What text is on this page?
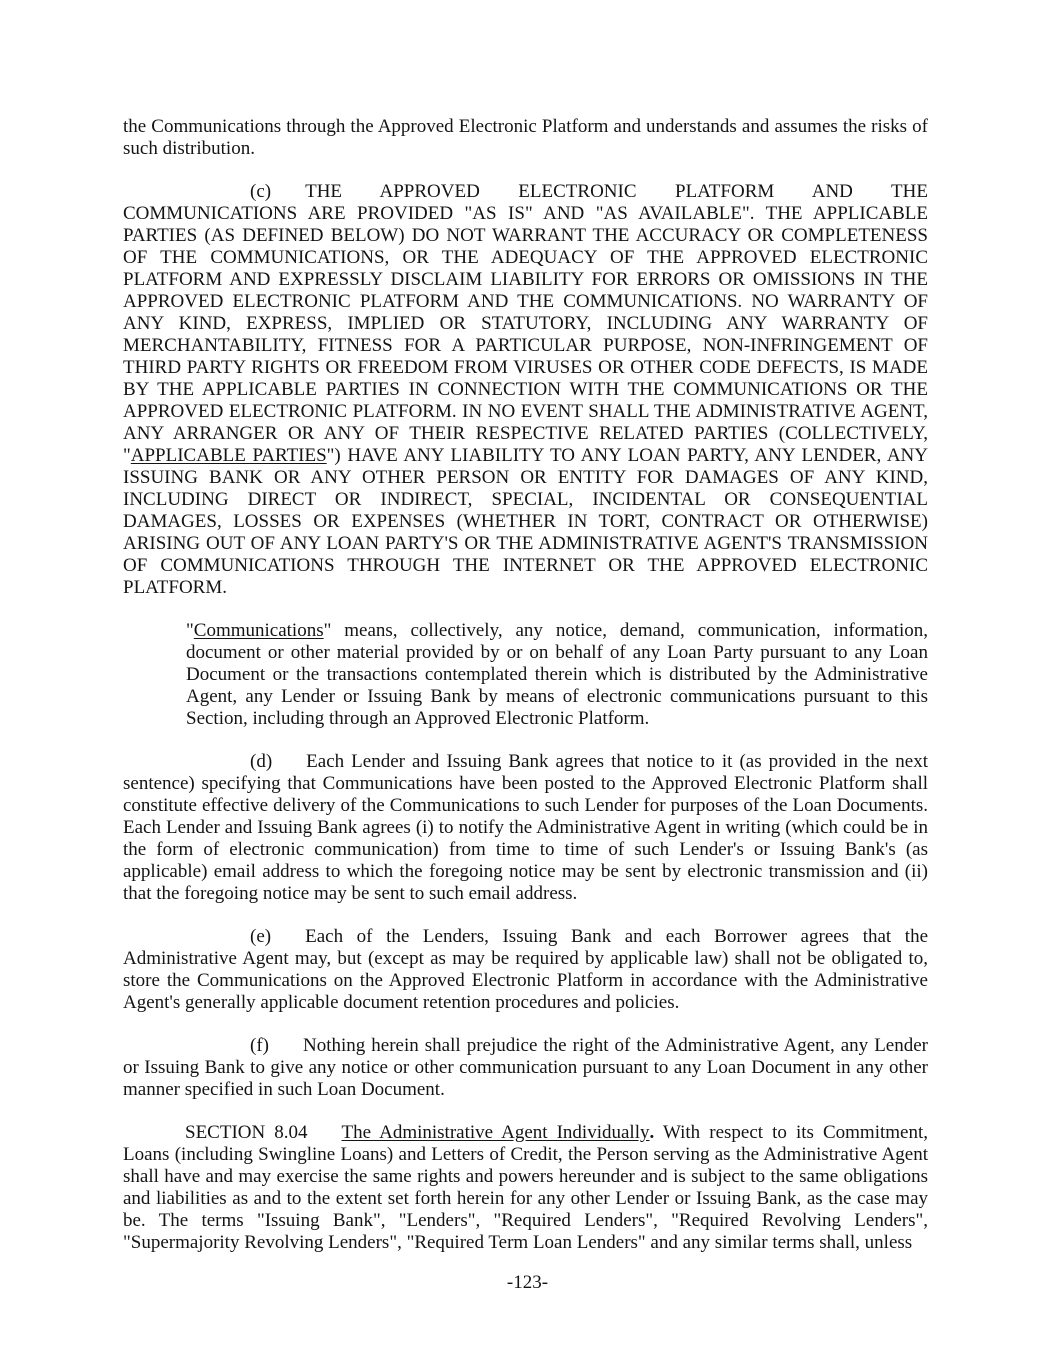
the Communications through the Approved Electronic Platform and understands and assumes the risks of such distribution.

(c) THE APPROVED ELECTRONIC PLATFORM AND THE COMMUNICATIONS ARE PROVIDED "AS IS" AND "AS AVAILABLE". THE APPLICABLE PARTIES (AS DEFINED BELOW) DO NOT WARRANT THE ACCURACY OR COMPLETENESS OF THE COMMUNICATIONS, OR THE ADEQUACY OF THE APPROVED ELECTRONIC PLATFORM AND EXPRESSLY DISCLAIM LIABILITY FOR ERRORS OR OMISSIONS IN THE APPROVED ELECTRONIC PLATFORM AND THE COMMUNICATIONS. NO WARRANTY OF ANY KIND, EXPRESS, IMPLIED OR STATUTORY, INCLUDING ANY WARRANTY OF MERCHANTABILITY, FITNESS FOR A PARTICULAR PURPOSE, NON-INFRINGEMENT OF THIRD PARTY RIGHTS OR FREEDOM FROM VIRUSES OR OTHER CODE DEFECTS, IS MADE BY THE APPLICABLE PARTIES IN CONNECTION WITH THE COMMUNICATIONS OR THE APPROVED ELECTRONIC PLATFORM. IN NO EVENT SHALL THE ADMINISTRATIVE AGENT, ANY ARRANGER OR ANY OF THEIR RESPECTIVE RELATED PARTIES (COLLECTIVELY, "APPLICABLE PARTIES") HAVE ANY LIABILITY TO ANY LOAN PARTY, ANY LENDER, ANY ISSUING BANK OR ANY OTHER PERSON OR ENTITY FOR DAMAGES OF ANY KIND, INCLUDING DIRECT OR INDIRECT, SPECIAL, INCIDENTAL OR CONSEQUENTIAL DAMAGES, LOSSES OR EXPENSES (WHETHER IN TORT, CONTRACT OR OTHERWISE) ARISING OUT OF ANY LOAN PARTY'S OR THE ADMINISTRATIVE AGENT'S TRANSMISSION OF COMMUNICATIONS THROUGH THE INTERNET OR THE APPROVED ELECTRONIC PLATFORM.

"Communications" means, collectively, any notice, demand, communication, information, document or other material provided by or on behalf of any Loan Party pursuant to any Loan Document or the transactions contemplated therein which is distributed by the Administrative Agent, any Lender or Issuing Bank by means of electronic communications pursuant to this Section, including through an Approved Electronic Platform.

(d) Each Lender and Issuing Bank agrees that notice to it (as provided in the next sentence) specifying that Communications have been posted to the Approved Electronic Platform shall constitute effective delivery of the Communications to such Lender for purposes of the Loan Documents. Each Lender and Issuing Bank agrees (i) to notify the Administrative Agent in writing (which could be in the form of electronic communication) from time to time of such Lender's or Issuing Bank's (as applicable) email address to which the foregoing notice may be sent by electronic transmission and (ii) that the foregoing notice may be sent to such email address.

(e) Each of the Lenders, Issuing Bank and each Borrower agrees that the Administrative Agent may, but (except as may be required by applicable law) shall not be obligated to, store the Communications on the Approved Electronic Platform in accordance with the Administrative Agent's generally applicable document retention procedures and policies.

(f) Nothing herein shall prejudice the right of the Administrative Agent, any Lender or Issuing Bank to give any notice or other communication pursuant to any Loan Document in any other manner specified in such Loan Document.

SECTION 8.04 The Administrative Agent Individually. With respect to its Commitment, Loans (including Swingline Loans) and Letters of Credit, the Person serving as the Administrative Agent shall have and may exercise the same rights and powers hereunder and is subject to the same obligations and liabilities as and to the extent set forth herein for any other Lender or Issuing Bank, as the case may be. The terms "Issuing Bank", "Lenders", "Required Lenders", "Required Revolving Lenders", "Supermajority Revolving Lenders", "Required Term Loan Lenders" and any similar terms shall, unless

-123-
